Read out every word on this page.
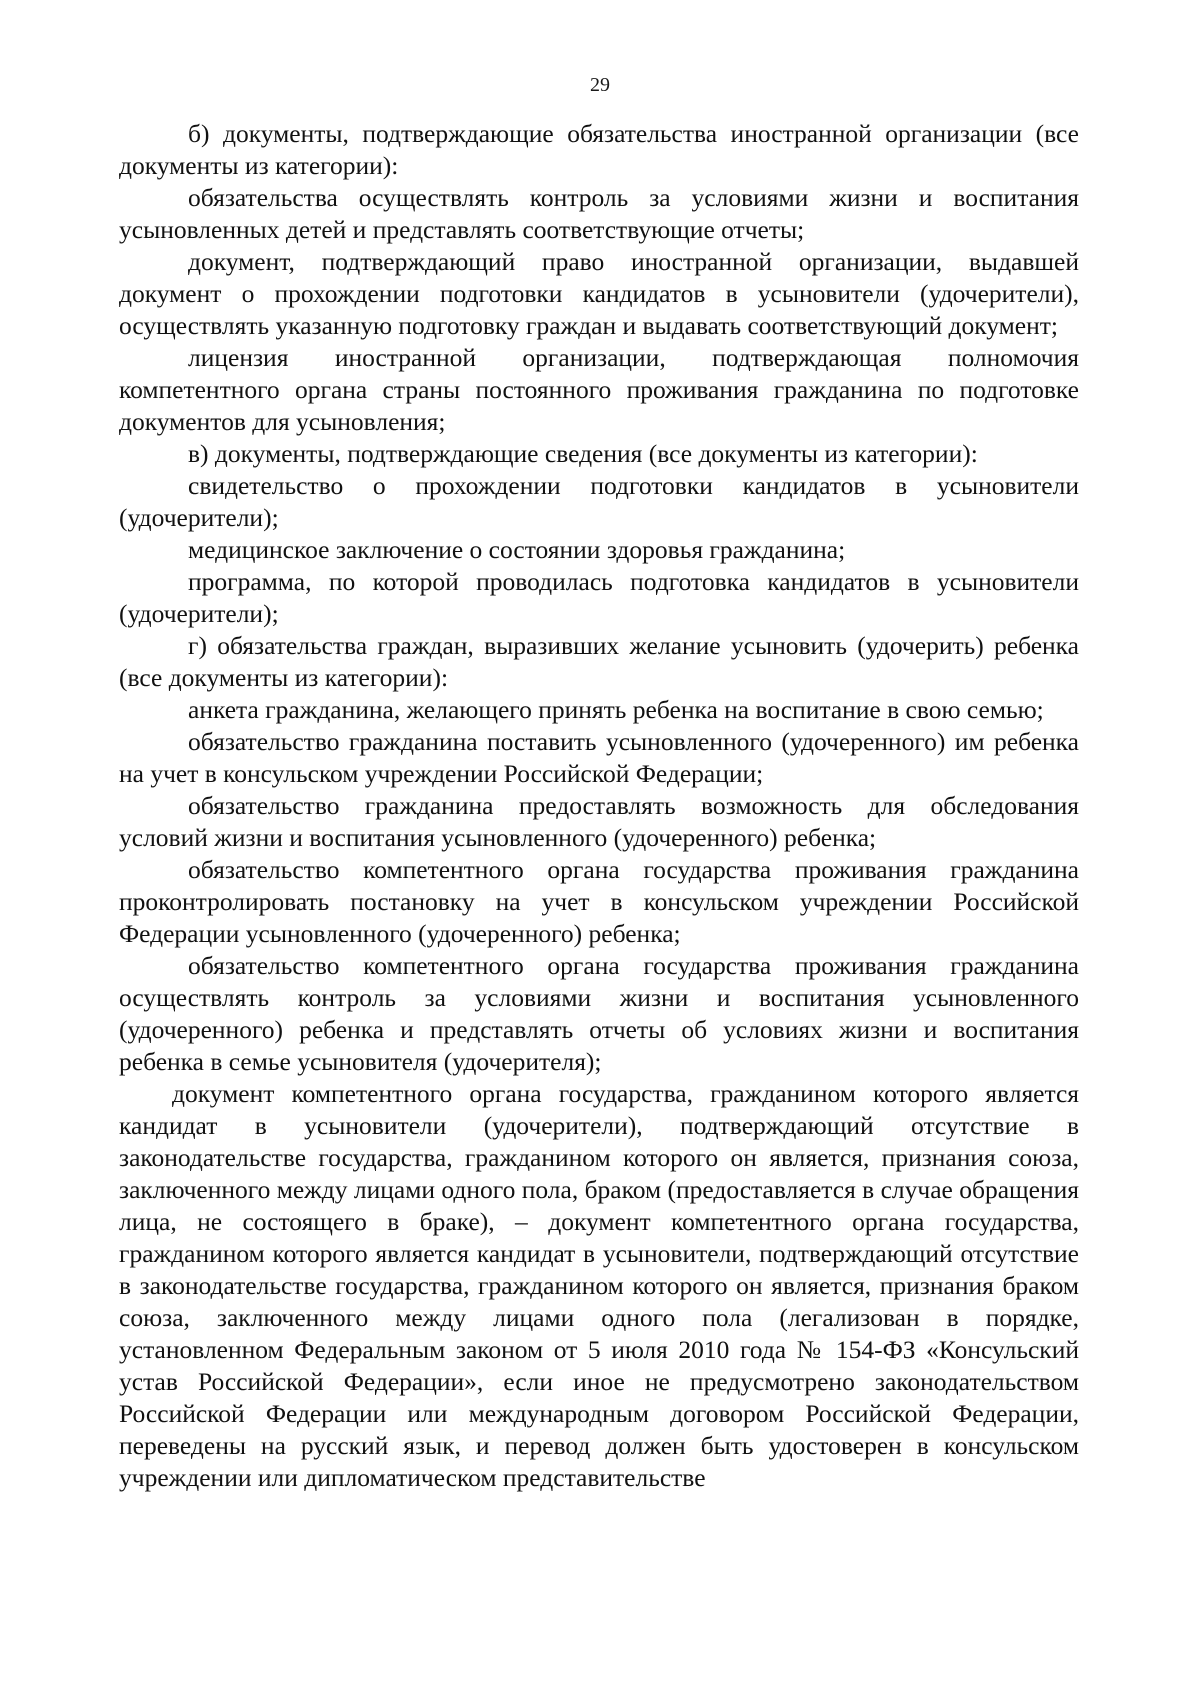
29

б) документы, подтверждающие обязательства иностранной организации (все документы из категории):

обязательства осуществлять контроль за условиями жизни и воспитания усыновленных детей и представлять соответствующие отчеты;

документ, подтверждающий право иностранной организации, выдавшей документ о прохождении подготовки кандидатов в усыновители (удочерители), осуществлять указанную подготовку граждан и выдавать соответствующий документ;

лицензия иностранной организации, подтверждающая полномочия компетентного органа страны постоянного проживания гражданина по подготовке документов для усыновления;

в) документы, подтверждающие сведения (все документы из категории):

свидетельство о прохождении подготовки кандидатов в усыновители (удочерители);

медицинское заключение о состоянии здоровья гражданина;

программа, по которой проводилась подготовка кандидатов в усыновители (удочерители);

г) обязательства граждан, выразивших желание усыновить (удочерить) ребенка (все документы из категории):

анкета гражданина, желающего принять ребенка на воспитание в свою семью;

обязательство гражданина поставить усыновленного (удочеренного) им ребенка на учет в консульском учреждении Российской Федерации;

обязательство гражданина предоставлять возможность для обследования условий жизни и воспитания усыновленного (удочеренного) ребенка;

обязательство компетентного органа государства проживания гражданина проконтролировать постановку на учет в консульском учреждении Российской Федерации усыновленного (удочеренного) ребенка;

обязательство компетентного органа государства проживания гражданина осуществлять контроль за условиями жизни и воспитания усыновленного (удочеренного) ребенка и представлять отчеты об условиях жизни и воспитания ребенка в семье усыновителя (удочерителя);

документ компетентного органа государства, гражданином которого является кандидат в усыновители (удочерители), подтверждающий отсутствие в законодательстве государства, гражданином которого он является, признания союза, заключенного между лицами одного пола, браком (предоставляется в случае обращения лица, не состоящего в браке), – документ компетентного органа государства, гражданином которого является кандидат в усыновители, подтверждающий отсутствие в законодательстве государства, гражданином которого он является, признания браком союза, заключенного между лицами одного пола (легализован в порядке, установленном Федеральным законом от 5 июля 2010 года № 154-ФЗ «Консульский устав Российской Федерации», если иное не предусмотрено законодательством Российской Федерации или международным договором Российской Федерации, переведены на русский язык, и перевод должен быть удостоверен в консульском учреждении или дипломатическом представительстве
